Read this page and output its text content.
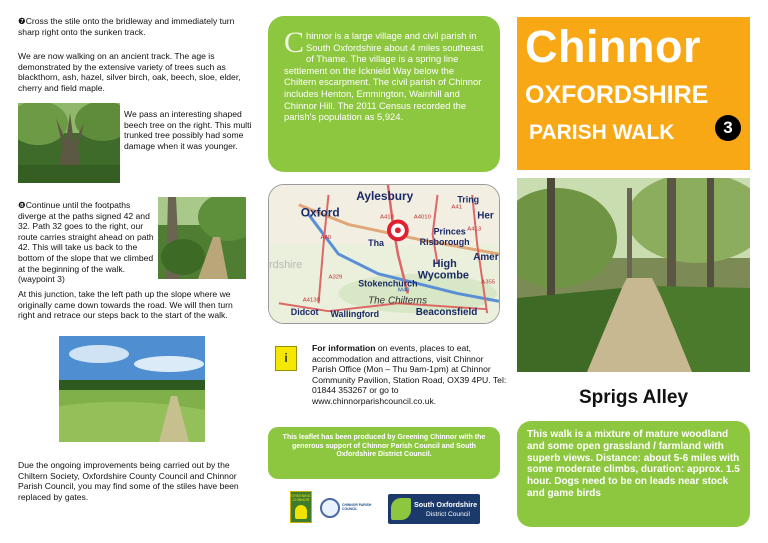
❼Cross the stile onto the bridleway and immediately turn sharp right onto the sunken track.
We are now walking on an ancient track. The age is demonstrated by the extensive variety of trees such as blackthorn, ash, hazel, silver birch, oak, beech, sloe, elder, cherry and field maple.
We pass an interesting shaped beech tree on the right. This multi trunked tree possibly had some damage when it was younger.
❽Continue until the footpaths diverge at the paths signed 42 and 32. Path 32 goes to the right, our route carries straight ahead on path 42. This will take us back to the bottom of the slope that we climbed at the beginning of the walk. (waypoint 3)
At this junction, take the left path up the slope where we originally came down towards the road. We will then turn right and retrace our steps back to the start of the walk.
Due the ongoing improvements being carried out by the Chiltern Society, Oxfordshire County Council and Chinnor Parish Council, you may find some of the stiles have been replaced by gates.
Chinnor is a large village and civil parish in South Oxfordshire about 4 miles southeast of Thame. The village is a spring line settlement on the Icknield Way below the Chiltern escarpment. The civil parish of Chinnor includes Henton, Emmington, Wainhill and Chinnor Hill. The 2011 Census recorded the parish's population as 5,924.
Aylesbury	Tring
Her
Oxford
Princes
Risborough
Tha
High
Wycombe
Amer
Stokenchurch
The Chilterns
Didcot Wallingford	Beaconsfield
A418
A40
A329
A41
A4010
A413
A355
M40
A4130
rdshire
i
For information on events, places to eat, accommodation and attractions, visit Chinnor Parish Office (Mon – Thu 9am-1pm) at Chinnor Community Pavilion, Station Road, OX39 4PU. Tel: 01844 353267 or go to www.chinnorparishcouncil.co.uk.
This leaflet has been produced by Greening Chinnor with the generous support of Chinnor Parish Council and South Oxfordshire District Council.
GREENING
CHINNOR
CHINNOR PARISH COUNCIL
South Oxfordshire
District Council
Chinnor
OXFORDSHIRE
PARISH WALK	3
Sprigs Alley
This walk is a mixture of mature woodland and some open grassland / farmland with superb views. Distance: about 5-6 miles with some moderate climbs, duration: approx. 1.5 hour. Dogs need to be on leads near stock and game birds
